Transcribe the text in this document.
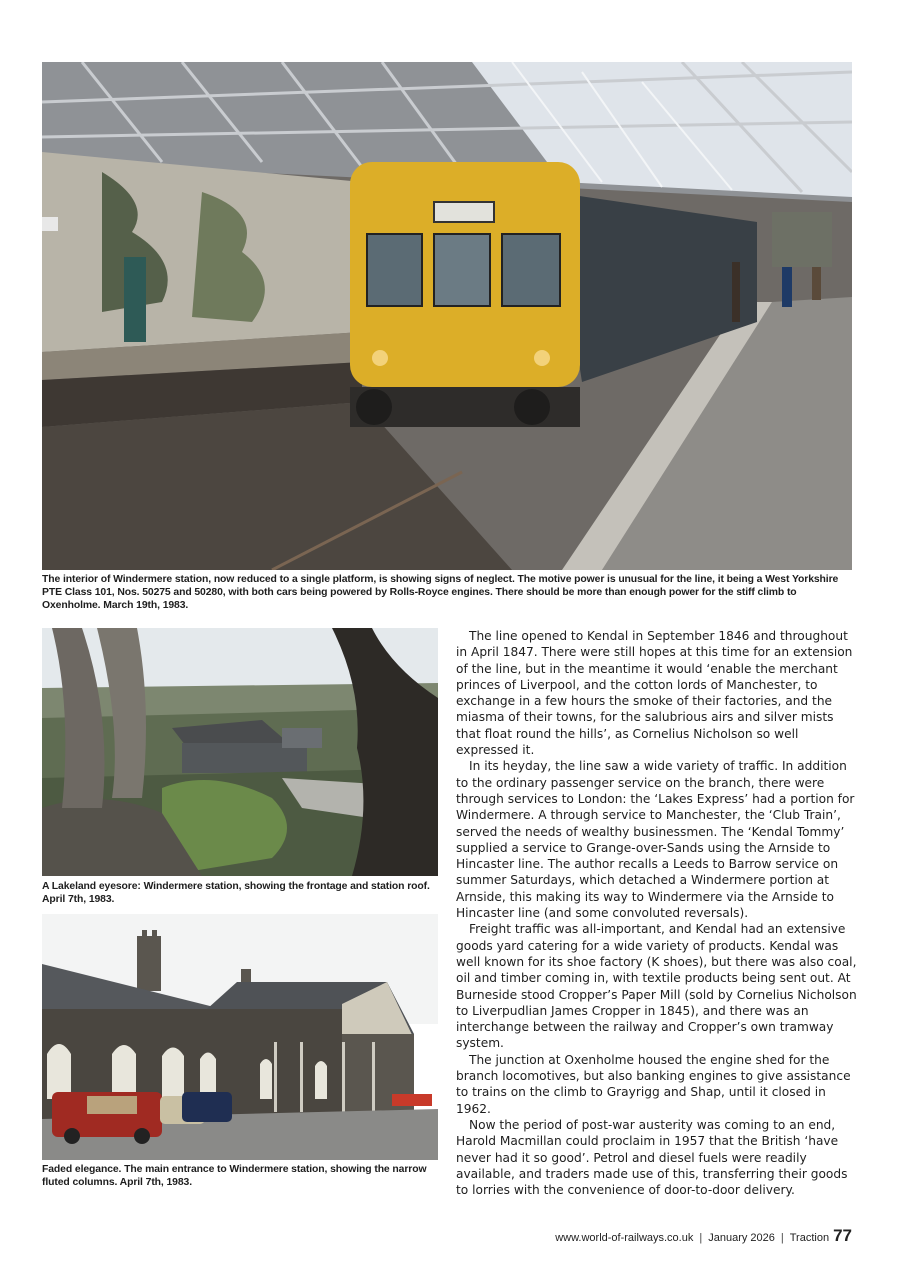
The interior of Windermere station, now reduced to a single platform, is showing signs of neglect. The motive power is unusual for the line, it being a West Yorkshire PTE Class 101, Nos. 50275 and 50280, with both cars being powered by Rolls-Royce engines. There should be more than enough power for the stiff climb to Oxenholme. March 19th, 1983.
A Lakeland eyesore: Windermere station, showing the frontage and station roof. April 7th, 1983.
Faded elegance. The main entrance to Windermere station, showing the narrow fluted columns. April 7th, 1983.

The line opened to Kendal in September 1846 and throughout in April 1847. There were still hopes at this time for an extension of the line, but in the meantime it would ‘enable the merchant princes of Liverpool, and the cotton lords of Manchester, to exchange in a few hours the smoke of their factories, and the miasma of their towns, for the salubrious airs and silver mists that float round the hills’, as Cornelius Nicholson so well expressed it.

In its heyday, the line saw a wide variety of traffic. In addition to the ordinary passenger service on the branch, there were through services to London: the ‘Lakes Express’ had a portion for Windermere. A through service to Manchester, the ‘Club Train’, served the needs of wealthy businessmen. The ‘Kendal Tommy’ supplied a service to Grange-over-Sands using the Arnside to Hincaster line. The author recalls a Leeds to Barrow service on summer Saturdays, which detached a Windermere portion at Arnside, this making its way to Windermere via the Arnside to Hincaster line (and some convoluted reversals).

Freight traffic was all-important, and Kendal had an extensive goods yard catering for a wide variety of products. Kendal was well known for its shoe factory (K shoes), but there was also coal, oil and timber coming in, with textile products being sent out. At Burneside stood Cropper’s Paper Mill (sold by Cornelius Nicholson to Liverpudlian James Cropper in 1845), and there was an interchange between the railway and Cropper’s own tramway system.

The junction at Oxenholme housed the engine shed for the branch locomotives, but also banking engines to give assistance to trains on the climb to Grayrigg and Shap, until it closed in 1962.

Now the period of post-war austerity was coming to an end, Harold Macmillan could proclaim in 1957 that the British ‘have never had it so good’. Petrol and diesel fuels were readily available, and traders made use of this, transferring their goods to lorries with the convenience of door-to-door delivery.

www.world-of-railways.co.uk | January 2026 | Traction 77
